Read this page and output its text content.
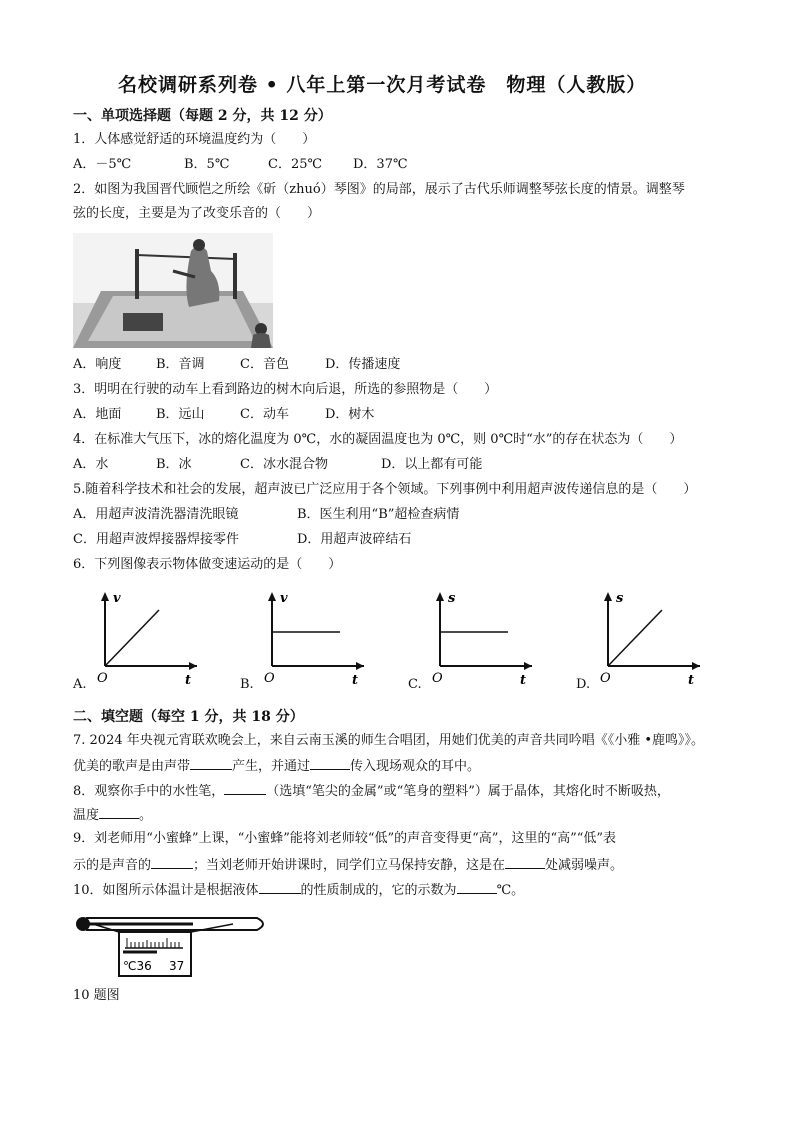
名校调研系列卷 • 八年上第一次月考试卷　物理（人教版）
一、单项选择题（每题 2 分，共 12 分）
1．人体感觉舒适的环境温度约为（　　）
A．－5℃	B．5℃	C．25℃ D．37℃
2．如图为我国晋代顾恺之所绘《斫（zhuó）琴图》的局部，展示了古代乐师调整琴弦长度的情景。调整琴
弦的长度，主要是为了改变乐音的（　　）
A．响度	B．音调	C．音色	D．传播速度
3．明明在行驶的动车上看到路边的树木向后退，所选的参照物是（　　）
A．地面	B．远山	C．动车	D．树木
4．在标准大气压下，冰的熔化温度为 0℃，水的凝固温度也为 0℃，则 0℃时“水”的存在状态为（　　）
A．水	B．冰	C．冰水混合物	D．以上都有可能
5.随着科学技术和社会的发展，超声波已广泛应用于各个领域。下列事例中利用超声波传递信息的是（　　）
A．用超声波清洗器清洗眼镜	B．医生利用“B”超检查病情
C．用超声波焊接器焊接零件	D．用超声波碎结石
6．下列图像表示物体做变速运动的是（　　）
A.	B.	C.	D.
v
t
O
v
t
O
s
t
O
s
t
O
二、填空题（每空 1 分，共 18 分）
7. 2024 年央视元宵联欢晚会上，来自云南玉溪的师生合唱团，用她们优美的声音共同吟唱《《小雅 •鹿鸣》》。
优美的歌声是由声带	产生，并通过	传入现场观众的耳中。
8．观察你手中的水性笔，	（选填“笔尖的金属”或“笔身的塑料”）属于晶体，其熔化时不断吸热，
温度	。
9．刘老师用“小蜜蜂”上课，“小蜜蜂”能将刘老师较“低”的声音变得更“高”，这里的“高”“低”表
示的是声音的	；当刘老师开始讲课时，同学们立马保持安静，这是在	处减弱噪声。
10．如图所示体温计是根据液体	的性质制成的，它的示数为	℃。
℃36 37
10 题图
